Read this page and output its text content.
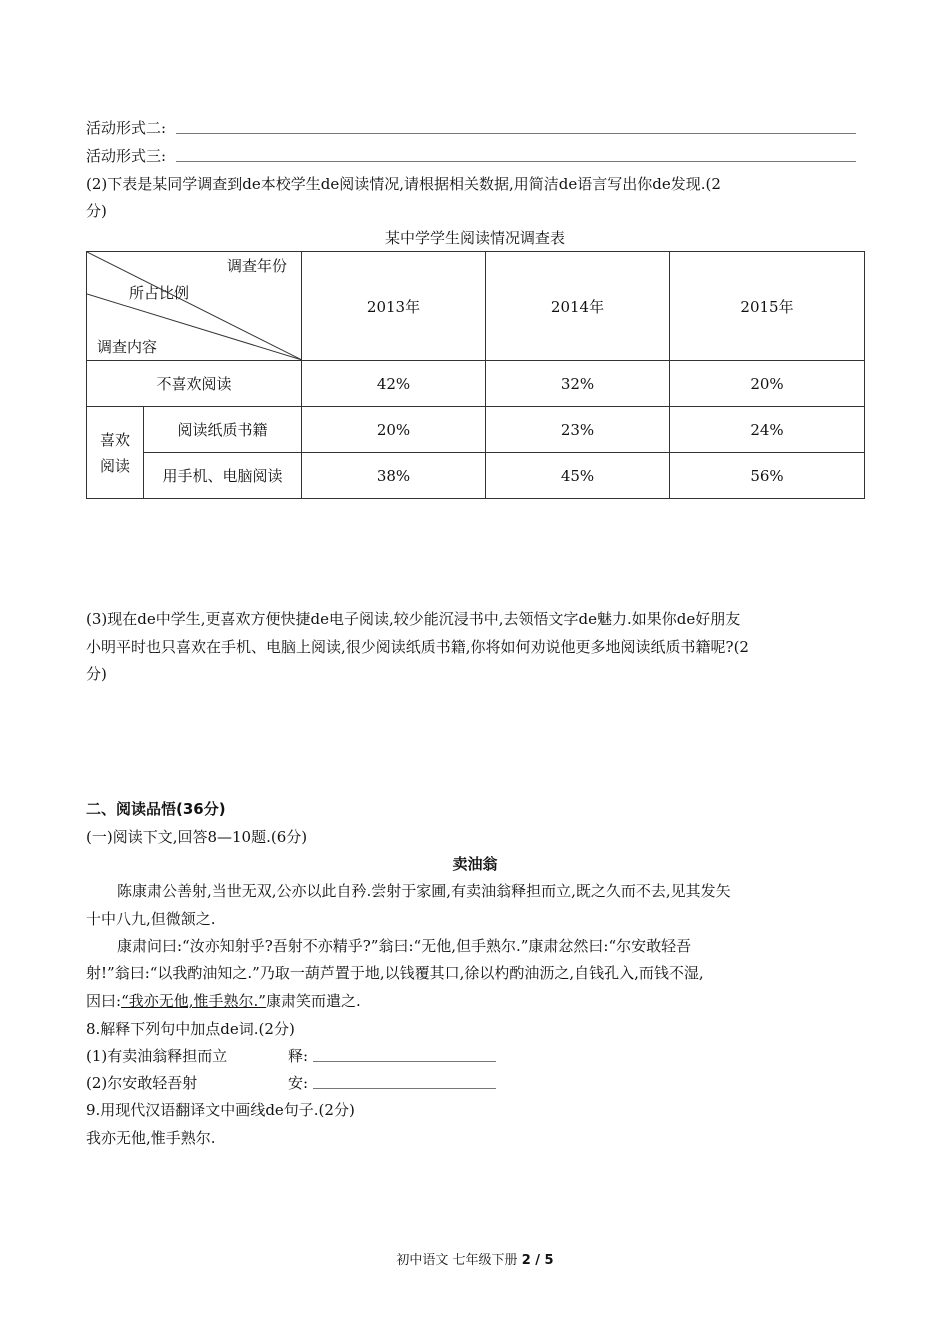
活动形式二:
活动形式三:
(2)下表是某同学调查到de本校学生de阅读情况,请根据相关数据,用简洁de语言写出你de发现.(2
分)
某中学学生阅读情况调查表
调查年份
所占比例
调查内容		2013年	2014年	2015年
不喜欢阅读		42%	32%	20%
喜欢阅读	阅读纸质书籍	20%	23%	24%
	用手机、电脑阅读	38%	45%	56%
(3)现在de中学生,更喜欢方便快捷de电子阅读,较少能沉浸书中,去领悟文字de魅力.如果你de好朋友
小明平时也只喜欢在手机、电脑上阅读,很少阅读纸质书籍,你将如何劝说他更多地阅读纸质书籍呢?(2
分)
二、阅读品悟(36分)
(一)阅读下文,回答8—10题.(6分)
卖油翁
陈康肃公善射,当世无双,公亦以此自矜.尝射于家圃,有卖油翁释担而立,既之久而不去,见其发矢
十中八九,但微颔之.
康肃问曰:“汝亦知射乎?吾射不亦精乎?”翁曰:“无他,但手熟尔.”康肃忿然曰:“尔安敢轻吾
射!”翁曰:“以我酌油知之.”乃取一葫芦置于地,以钱覆其口,徐以杓酌油沥之,自钱孔入,而钱不湿,
因曰:“我亦无他,惟手熟尔.”康肃笑而遣之.
8.解释下列句中加点de词.(2分)
(1)有卖油翁释担而立	释:
(2)尔安敢轻吾射	安:
9.用现代汉语翻译文中画线de句子.(2分)
我亦无他,惟手熟尔.
初中语文 七年级下册 2 / 5
